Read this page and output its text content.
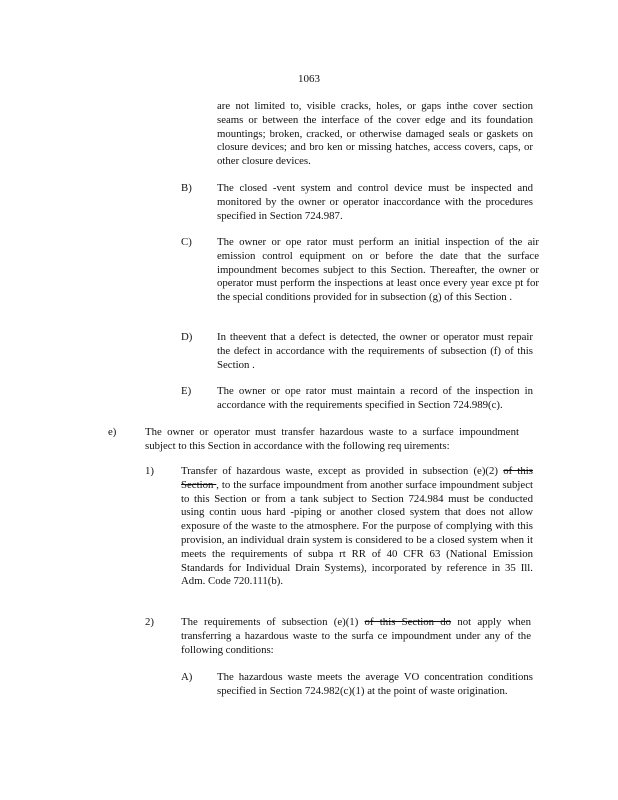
1063
are not limited to, visible cracks, holes, or gaps inthe cover section seams or between the interface of the cover edge and its foundation mountings; broken, cracked, or otherwise damaged seals or gaskets on closure devices; and bro ken or missing hatches, access covers, caps, or other closure devices.
B) The closed -vent system and control device must be inspected and monitored by the owner or operator inaccordance with the procedures specified in Section 724.987.
C) The owner or ope rator must perform an initial inspection of the air emission control equipment on or before the date that the surface impoundment becomes subject to this Section. Thereafter, the owner or operator must perform the inspections at least once every year exce pt for the special conditions provided for in subsection (g) of this Section .
D) In theevent that a defect is detected, the owner or operator must repair the defect in accordance with the requirements of subsection (f) of this Section .
E) The owner or ope rator must maintain a record of the inspection in accordance with the requirements specified in Section 724.989(c).
e)	The owner or operator must transfer hazardous waste to a surface impoundment subject to this Section in accordance with the following req uirements:
1)	Transfer of hazardous waste, except as provided in subsection (e)(2) of this Section , to the surface impoundment from another surface impoundment subject to this Section or from a tank subject to Section 724.984 must be conducted using contin uous hard -piping or another closed system that does not allow exposure of the waste to the atmosphere. For the purpose of complying with this provision, an individual drain system is considered to be a closed system when it meets the requirements of subpa rt RR of 40 CFR 63 (National Emission Standards for Individual Drain Systems), incorporated by reference in 35 Ill. Adm. Code 720.111(b).
2)	The requirements of subsection (e)(1) of this Section do not apply when transferring a hazardous waste to the surfa ce impoundment under any of the following conditions:
A) The hazardous waste meets the average VO concentration conditions specified in Section 724.982(c)(1) at the point of waste origination.
